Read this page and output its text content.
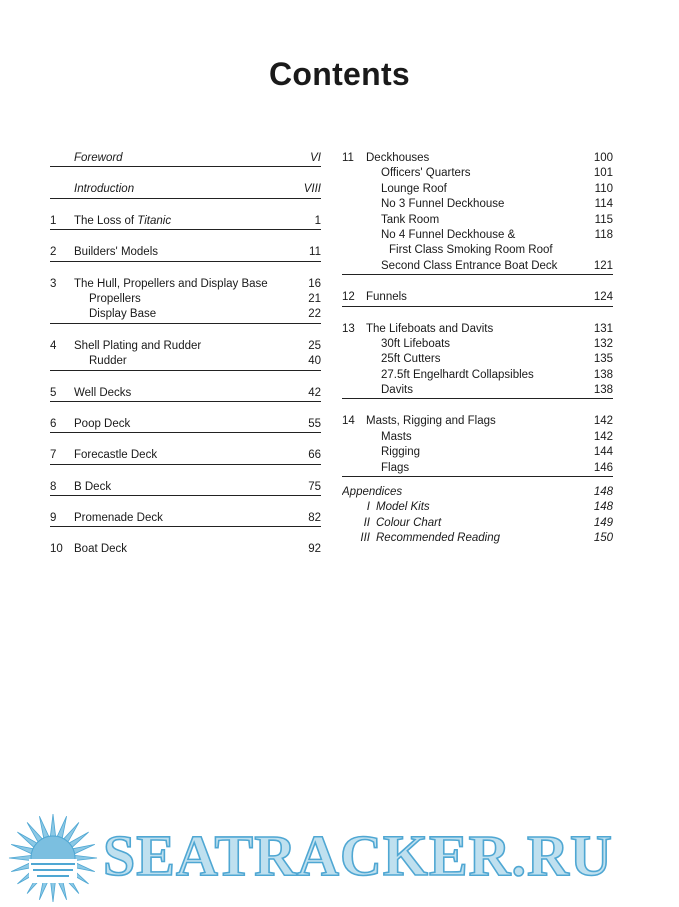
Contents
Foreword	VI
Introduction	VIII
1	The Loss of Titanic	1
2	Builders' Models	11
3	The Hull, Propellers and Display Base	16
Propellers	21
Display Base	22
4	Shell Plating and Rudder	25
Rudder	40
5	Well Decks	42
6	Poop Deck	55
7	Forecastle Deck	66
8	B Deck	75
9	Promenade Deck	82
10 Boat Deck	92
11	Deckhouses	100
Officers' Quarters	101
Lounge Roof	110
No 3 Funnel Deckhouse	114
Tank Room	115
No 4 Funnel Deckhouse &	118
First Class Smoking Room Roof
Second Class Entrance Boat Deck	121
12 Funnels	124
13 The Lifeboats and Davits	131
30ft Lifeboats	132
25ft Cutters	135
27.5ft Engelhardt Collapsibles	138
Davits	138
14 Masts, Rigging and Flags	142
Masts	142
Rigging	144
Flags	146
Appendices	148
I Model Kits	148
II Colour Chart	149
III Recommended Reading	150
SEATRACKER.RU
